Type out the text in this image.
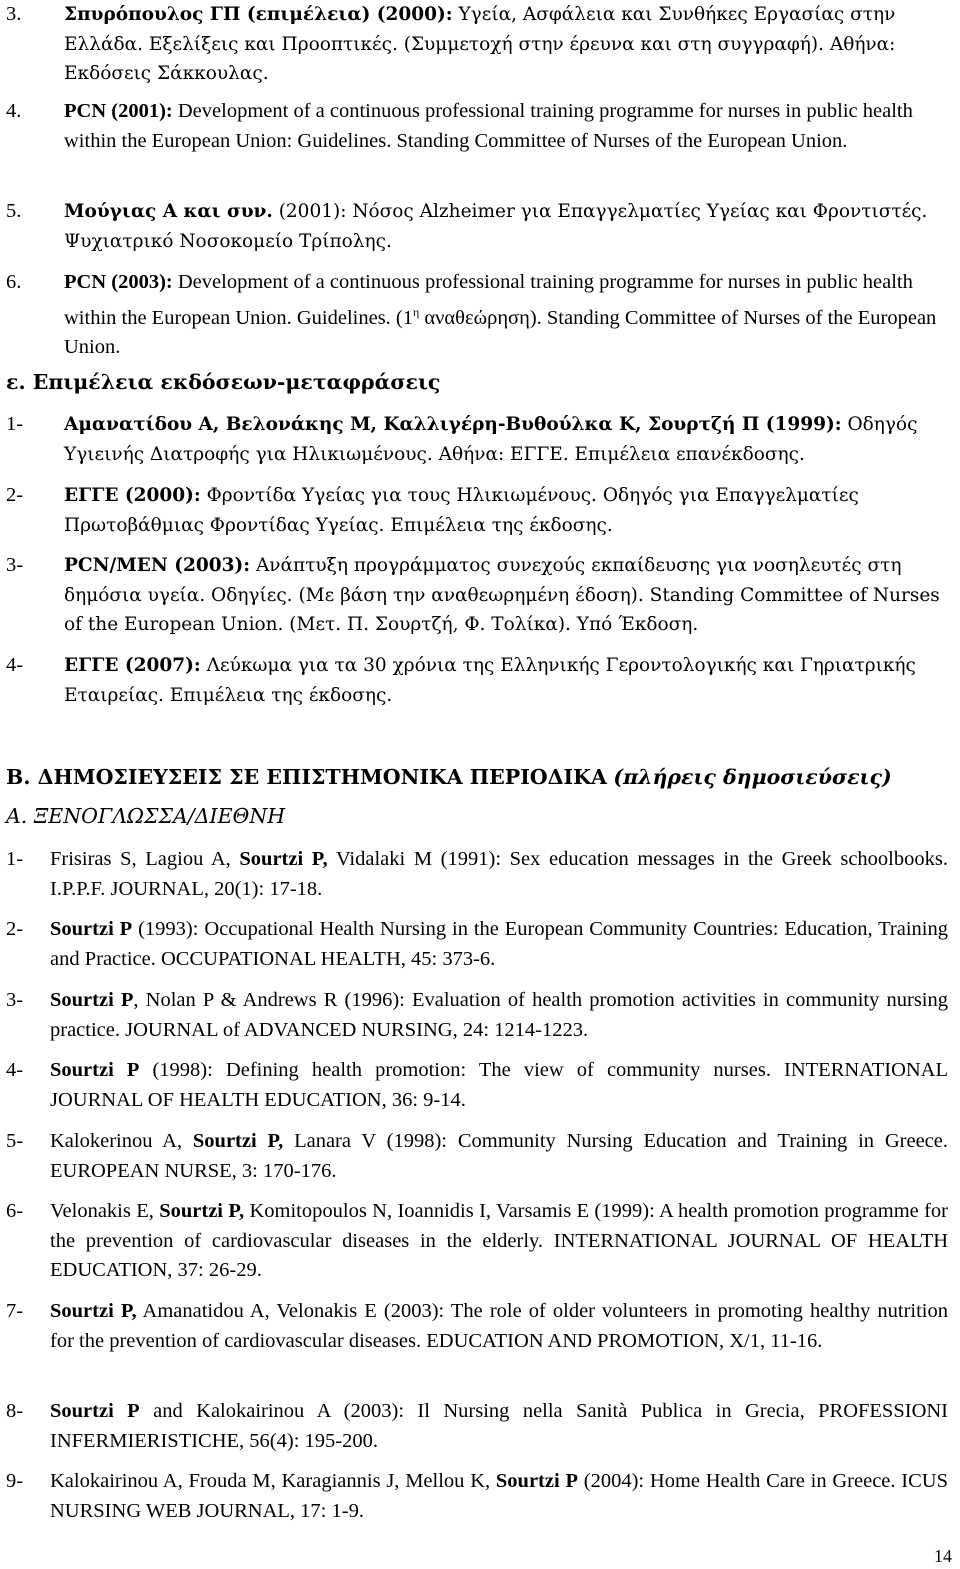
3. Σπυρόπουλος ΓΠ (επιμέλεια) (2000): Υγεία, Ασφάλεια και Συνθήκες Εργασίας στην Ελλάδα. Εξελίξεις και Προοπτικές. (Συμμετοχή στην έρευνα και στη συγγραφή). Αθήνα: Εκδόσεις Σάκκουλας.
4. PCN (2001): Development of a continuous professional training programme for nurses in public health within the European Union: Guidelines. Standing Committee of Nurses of the European Union.
5. Μούγιας Α και συν. (2001): Νόσος Alzheimer για Επαγγελματίες Υγείας και Φροντιστές. Ψυχιατρικό Νοσοκομείο Τρίπολης.
6. PCN (2003): Development of a continuous professional training programme for nurses in public health within the European Union. Guidelines. ($1^\eta$ αναθεώρηση). Standing Committee of Nurses of the European Union.
ε. Επιμέλεια εκδόσεων-μεταφράσεις
1- Αμανατίδου Α, Βελονάκης Μ, Καλλιγέρη-Βυθούλκα Κ, Σουρτζή Π (1999): Οδηγός Υγιεινής Διατροφής για Ηλικιωμένους. Αθήνα: ΕΓΓΕ. Επιμέλεια επανέκδοσης.
2- ΕΓΓΕ (2000): Φροντίδα Υγείας για τους Ηλικιωμένους. Οδηγός για Επαγγελματίες Πρωτοβάθμιας Φροντίδας Υγείας. Επιμέλεια της έκδοσης.
3- PCN/MEN (2003): Ανάπτυξη προγράμματος συνεχούς εκπαίδευσης για νοσηλευτές στη δημόσια υγεία. Οδηγίες. (Με βάση την αναθεωρημένη έδοση). Standing Committee of Nurses of the European Union. (Μετ. Π. Σουρτζή, Φ. Τολίκα). Υπό Έκδοση.
4- ΕΓΓΕ (2007): Λεύκωμα για τα 30 χρόνια της Ελληνικής Γεροντολογικής και Γηριατρικής Εταιρείας. Επιμέλεια της έκδοσης.
Β. ΔΗΜΟΣΙΕΥΣΕΙΣ ΣΕ ΕΠΙΣΤΗΜΟΝΙΚΑ ΠΕΡΙΟΔΙΚΑ (πλήρεις δημοσιεύσεις)
Α. ΞΕΝΟΓΛΩΣΣΑ/ΔΙΕΘΝΗ
1- Frisiras S, Lagiou A, Sourtzi P, Vidalaki M (1991): Sex education messages in the Greek schoolbooks. I.P.P.F. JOURNAL, 20(1): 17-18.
2- Sourtzi P (1993): Occupational Health Nursing in the European Community Countries: Education, Training and Practice. OCCUPATIONAL HEALTH, 45: 373-6.
3- Sourtzi P, Nolan P & Andrews R (1996): Evaluation of health promotion activities in community nursing practice. JOURNAL of ADVANCED NURSING, 24: 1214-1223.
4- Sourtzi P (1998): Defining health promotion: The view of community nurses. INTERNATIONAL JOURNAL OF HEALTH EDUCATION, 36: 9-14.
5- Kalokerinou A, Sourtzi P, Lanara V (1998): Community Nursing Education and Training in Greece. EUROPEAN NURSE, 3: 170-176.
6- Velonakis E, Sourtzi P, Komitopoulos N, Ioannidis I, Varsamis E (1999): A health promotion programme for the prevention of cardiovascular diseases in the elderly. INTERNATIONAL JOURNAL OF HEALTH EDUCATION, 37: 26-29.
7- Sourtzi P, Amanatidou A, Velonakis E (2003): The role of older volunteers in promoting healthy nutrition for the prevention of cardiovascular diseases. EDUCATION AND PROMOTION, X/1, 11-16.
8- Sourtzi P and Kalokairinou A (2003): Il Nursing nella Sanità Publica in Grecia, PROFESSIONI INFERMIERISTICHE, 56(4): 195-200.
9- Kalokairinou A, Frouda M, Karagiannis J, Mellou K, Sourtzi P (2004): Home Health Care in Greece. ICUS NURSING WEB JOURNAL, 17: 1-9.
14
